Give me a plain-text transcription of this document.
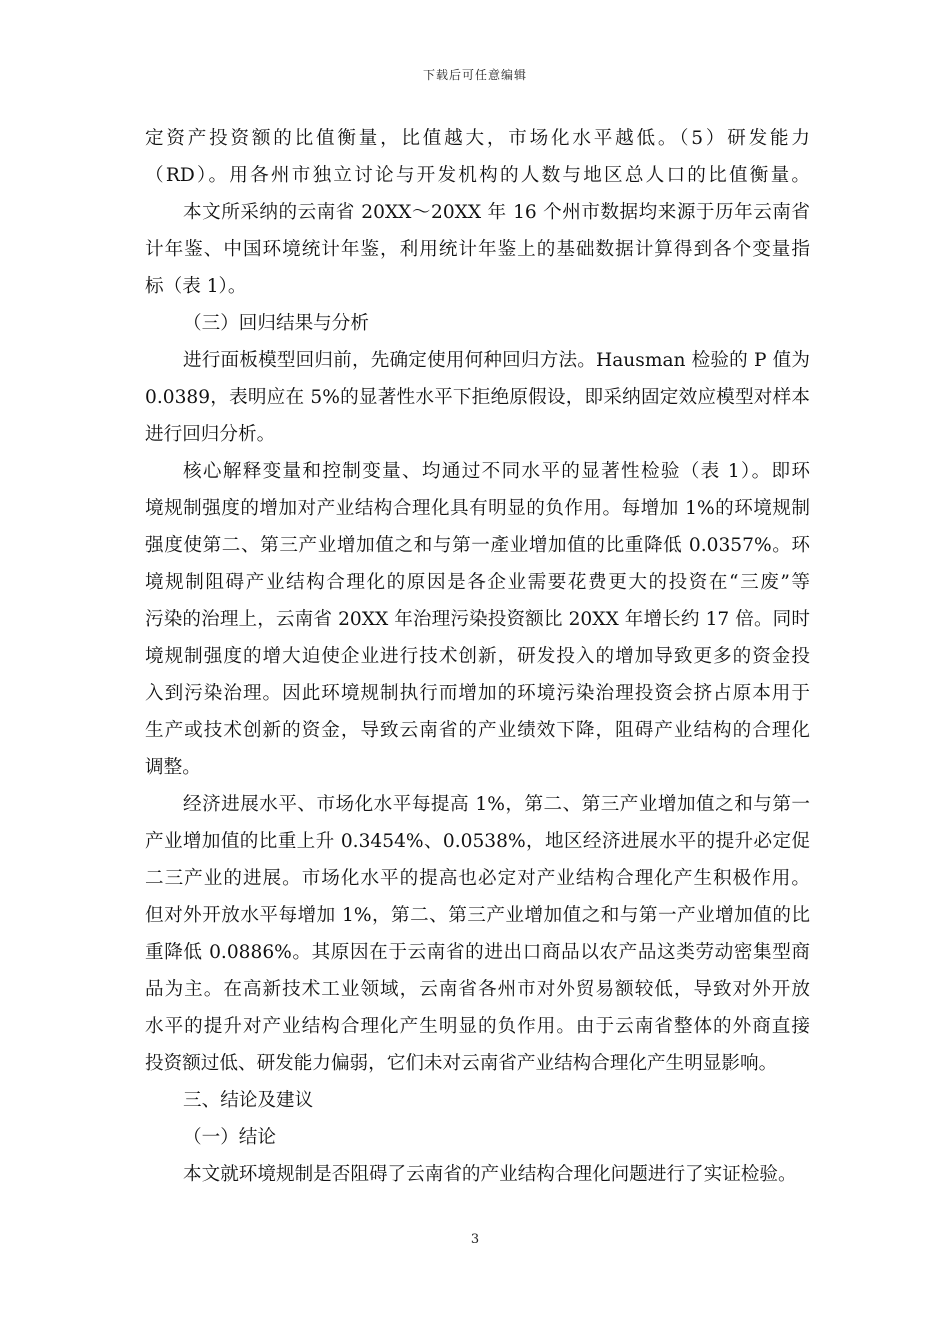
下载后可任意编辑
定资产投资额的比值衡量，比值越大，市场化水平越低。（5）研发能力
（RD）。用各州市独立讨论与开发机构的人数与地区总人口的比值衡量。
本文所采纳的云南省 20XX～20XX 年 16 个州市数据均来源于历年云南省
计年鉴、中国环境统计年鉴，利用统计年鉴上的基础数据计算得到各个变量指
标（表 1）。
（三）回归结果与分析
进行面板模型回归前，先确定使用何种回归方法。Hausman 检验的 P 值为
0.0389，表明应在 5%的显著性水平下拒绝原假设，即采纳固定效应模型对样本
进行回归分析。
核心解释变量和控制变量、均通过不同水平的显著性检验（表 1）。即环
境规制强度的增加对产业结构合理化具有明显的负作用。每增加 1%的环境规制
强度使第二、第三产业增加值之和与第一產业增加值的比重降低 0.0357%。环
境规制阻碍产业结构合理化的原因是各企业需要花费更大的投资在“三废”等
污染的治理上，云南省 20XX 年治理污染投资额比 20XX 年增长约 17 倍。同时
境规制强度的增大迫使企业进行技术创新，研发投入的增加导致更多的资金投
入到污染治理。因此环境规制执行而增加的环境污染治理投资会挤占原本用于
生产或技术创新的资金，导致云南省的产业绩效下降，阻碍产业结构的合理化
调整。
经济进展水平、市场化水平每提高 1%，第二、第三产业增加值之和与第一
产业增加值的比重上升 0.3454%、0.0538%，地区经济进展水平的提升必定促
二三产业的进展。市场化水平的提高也必定对产业结构合理化产生积极作用。
但对外开放水平每增加 1%，第二、第三产业增加值之和与第一产业增加值的比
重降低 0.0886%。其原因在于云南省的进出口商品以农产品这类劳动密集型商
品为主。在高新技术工业领域，云南省各州市对外贸易额较低，导致对外开放
水平的提升对产业结构合理化产生明显的负作用。由于云南省整体的外商直接
投资额过低、研发能力偏弱，它们未对云南省产业结构合理化产生明显影响。
三、结论及建议
（一）结论
本文就环境规制是否阻碍了云南省的产业结构合理化问题进行了实证检验。
3
